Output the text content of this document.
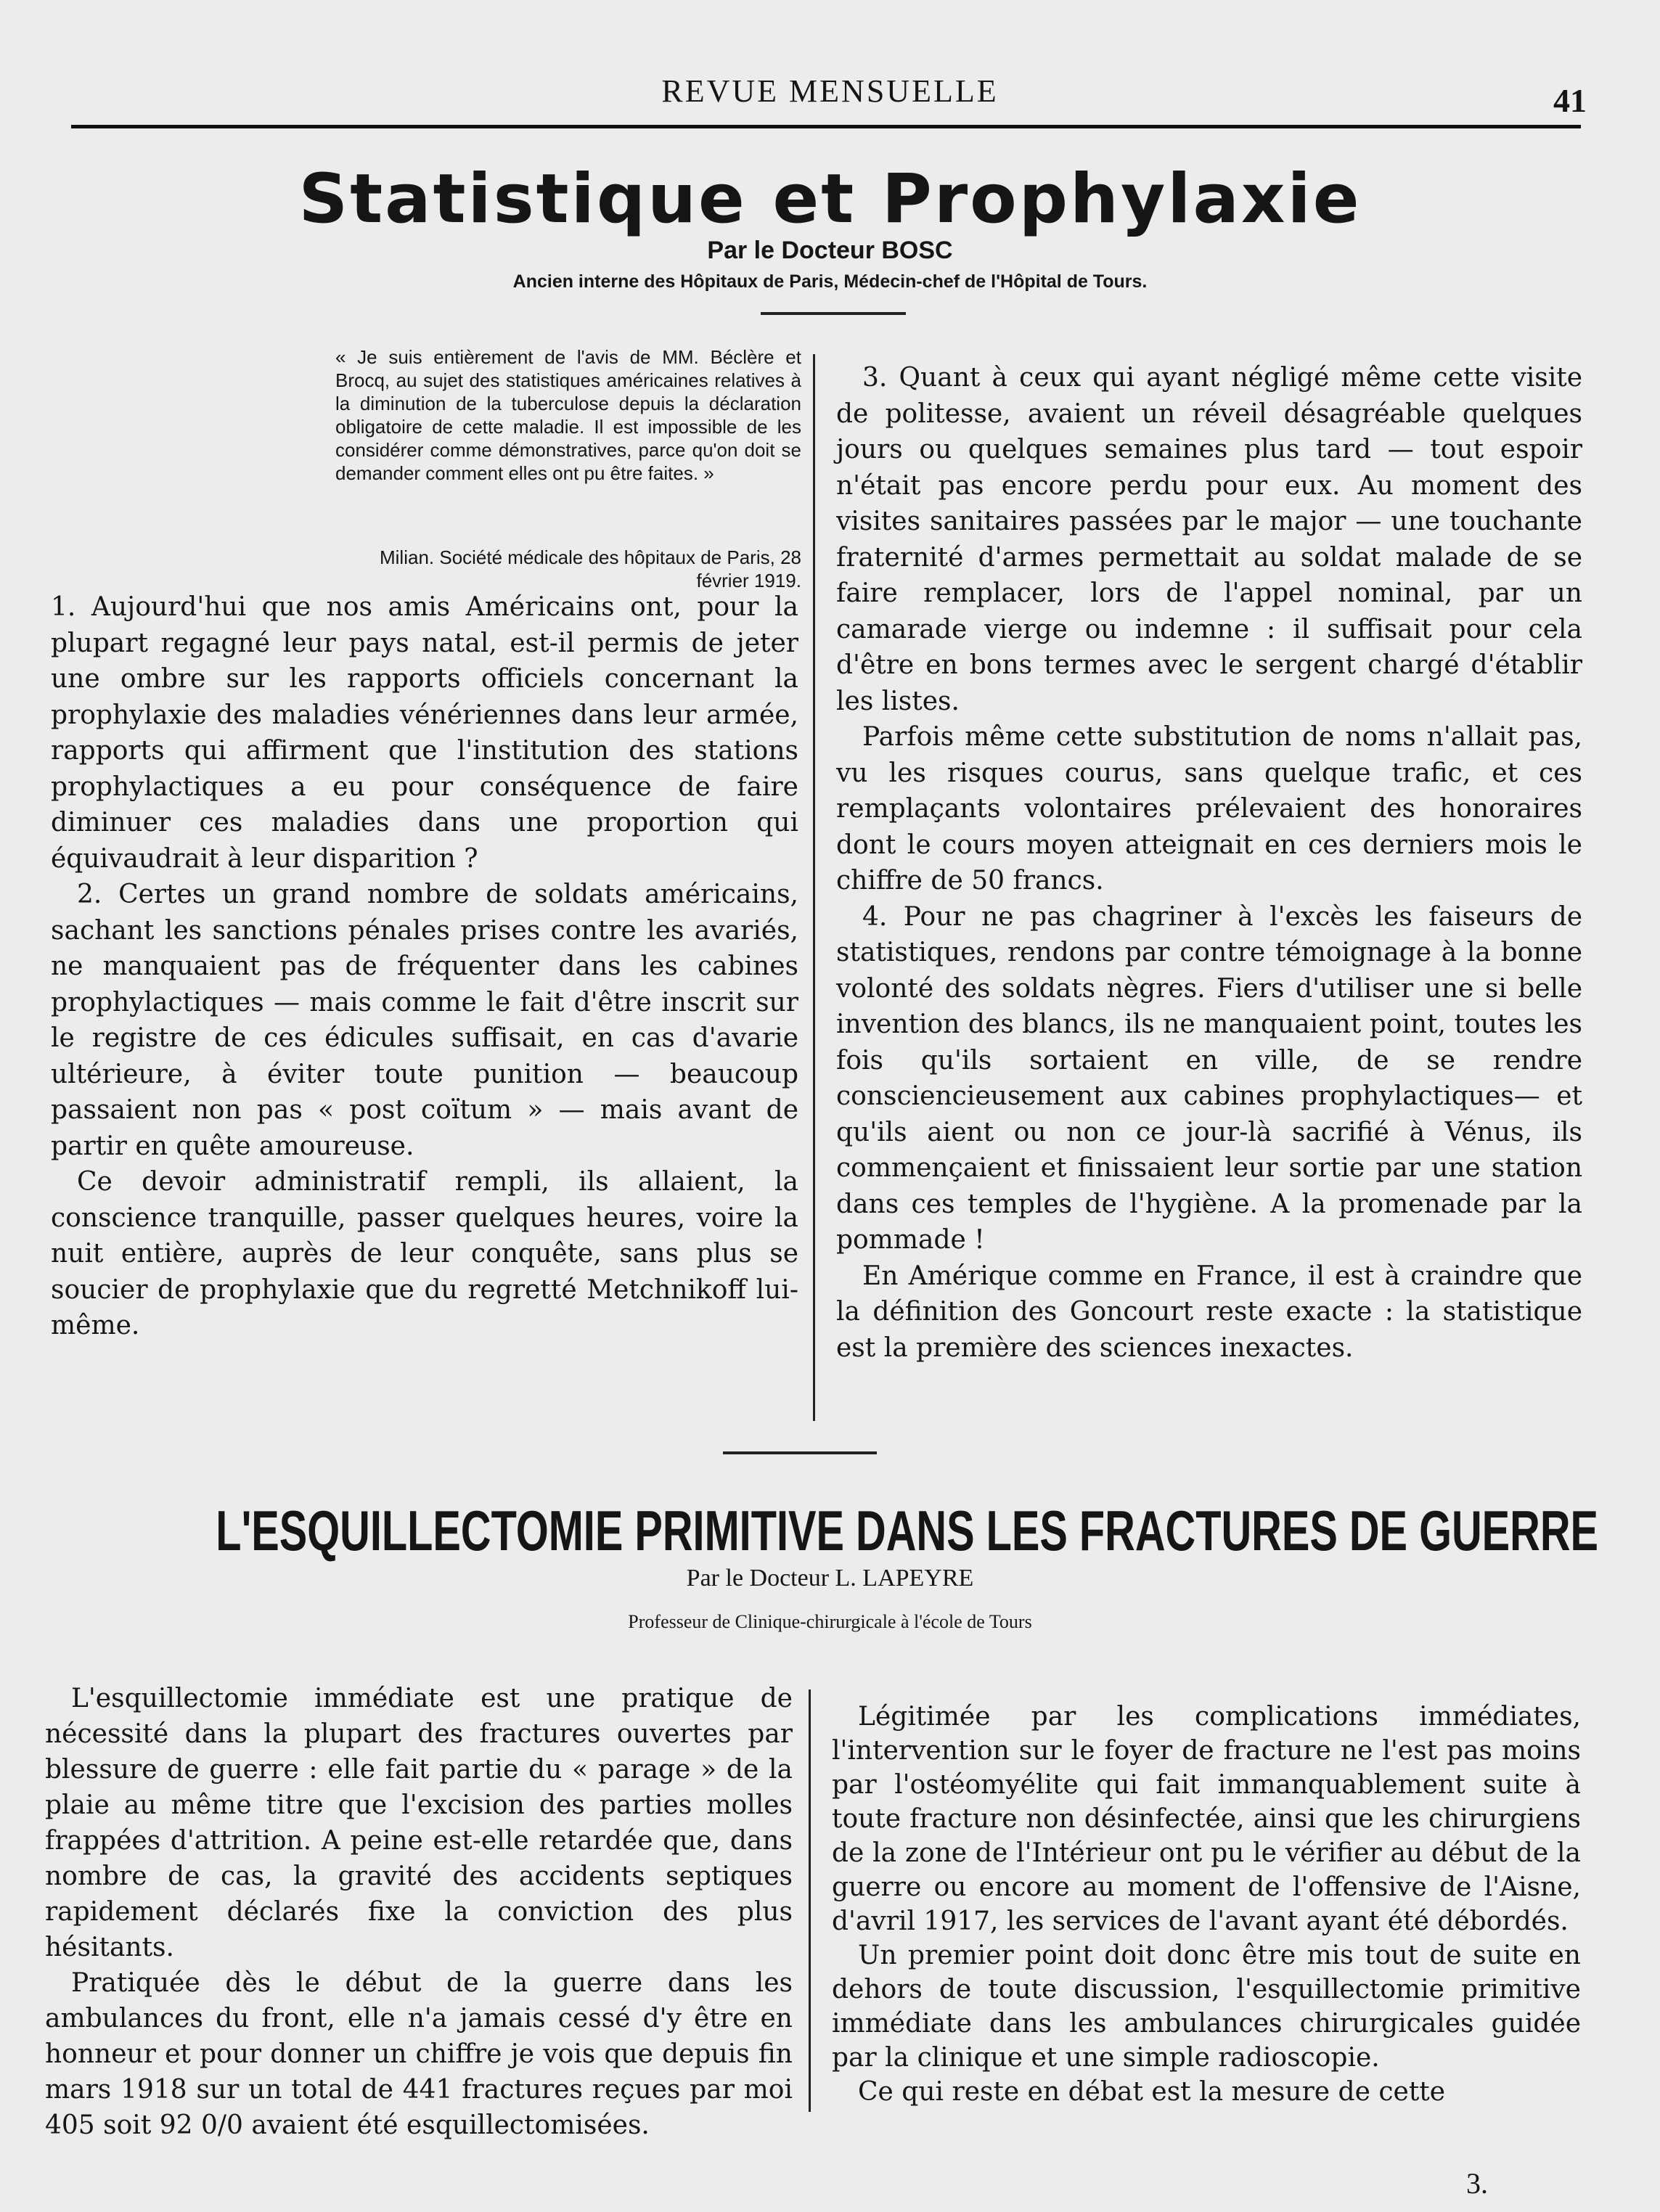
REVUE MENSUELLE	41
Statistique et Prophylaxie
Par le Docteur BOSC
Ancien interne des Hôpitaux de Paris, Médecin-chef de l'Hôpital de Tours.
« Je suis entièrement de l'avis de MM. Béclère et Brocq, au sujet des statistiques américaines relatives à la diminution de la tuberculose depuis la déclaration obligatoire de cette maladie. Il est impossible de les considérer comme démonstratives, parce qu'on doit se demander comment elles ont pu être faites. »
Milian. Société médicale des hôpitaux de Paris, 28 février 1919.

1. Aujourd'hui que nos amis Américains ont, pour la plupart regagné leur pays natal, est-il permis de jeter une ombre sur les rapports officiels concernant la prophylaxie des maladies vénériennes dans leur armée, rapports qui affirment que l'institution des stations prophylactiques a eu pour conséquence de faire diminuer ces maladies dans une proportion qui équivaudrait à leur disparition ?

2. Certes un grand nombre de soldats américains, sachant les sanctions pénales prises contre les avariés, ne manquaient pas de fréquenter dans les cabines prophylactiques — mais comme le fait d'être inscrit sur le registre de ces édicules suffisait, en cas d'avarie ultérieure, à éviter toute punition — beaucoup passaient non pas « post coïtum » — mais avant de partir en quête amoureuse.

Ce devoir administratif rempli, ils allaient, la conscience tranquille, passer quelques heures, voire la nuit entière, auprès de leur conquête, sans plus se soucier de prophylaxie que du regretté Metchnikoff lui-même.

3. Quant à ceux qui ayant négligé même cette visite de politesse, avaient un réveil désagréable quelques jours ou quelques semaines plus tard — tout espoir n'était pas encore perdu pour eux. Au moment des visites sanitaires passées par le major — une touchante fraternité d'armes permettait au soldat malade de se faire remplacer, lors de l'appel nominal, par un camarade vierge ou indemne : il suffisait pour cela d'être en bons termes avec le sergent chargé d'établir les listes.

Parfois même cette substitution de noms n'allait pas, vu les risques courus, sans quelque trafic, et ces remplaçants volontaires prélevaient des honoraires dont le cours moyen atteignait en ces derniers mois le chiffre de 50 francs.

4. Pour ne pas chagriner à l'excès les faiseurs de statistiques, rendons par contre témoignage à la bonne volonté des soldats nègres. Fiers d'utiliser une si belle invention des blancs, ils ne manquaient point, toutes les fois qu'ils sortaient en ville, de se rendre consciencieusement aux cabines prophylactiques— et qu'ils aient ou non ce jour-là sacrifié à Vénus, ils commençaient et finissaient leur sortie par une station dans ces temples de l'hygiène. A la promenade par la pommade !

En Amérique comme en France, il est à craindre que la définition des Goncourt reste exacte : la statistique est la première des sciences inexactes.

L'ESQUILLECTOMIE PRIMITIVE DANS LES FRACTURES DE GUERRE
Par le Docteur L. LAPEYRE
Professeur de Clinique-chirurgicale à l'école de Tours

L'esquillectomie immédiate est une pratique de nécessité dans la plupart des fractures ouvertes par blessure de guerre : elle fait partie du « parage » de la plaie au même titre que l'excision des parties molles frappées d'attrition. A peine est-elle retardée que, dans nombre de cas, la gravité des accidents septiques rapidement déclarés fixe la conviction des plus hésitants.

Pratiquée dès le début de la guerre dans les ambulances du front, elle n'a jamais cessé d'y être en honneur et pour donner un chiffre je vois que depuis fin mars 1918 sur un total de 441 fractures reçues par moi 405 soit 92 0/0 avaient été esquillectomisées.

Légitimée par les complications immédiates, l'intervention sur le foyer de fracture ne l'est pas moins par l'ostéomyélite qui fait immanquablement suite à toute fracture non désinfectée, ainsi que les chirurgiens de la zone de l'Intérieur ont pu le vérifier au début de la guerre ou encore au moment de l'offensive de l'Aisne, d'avril 1917, les services de l'avant ayant été débordés.

Un premier point doit donc être mis tout de suite en dehors de toute discussion, l'esquillectomie primitive immédiate dans les ambulances chirurgicales guidée par la clinique et une simple radioscopie.

Ce qui reste en débat est la mesure de cette

3.
